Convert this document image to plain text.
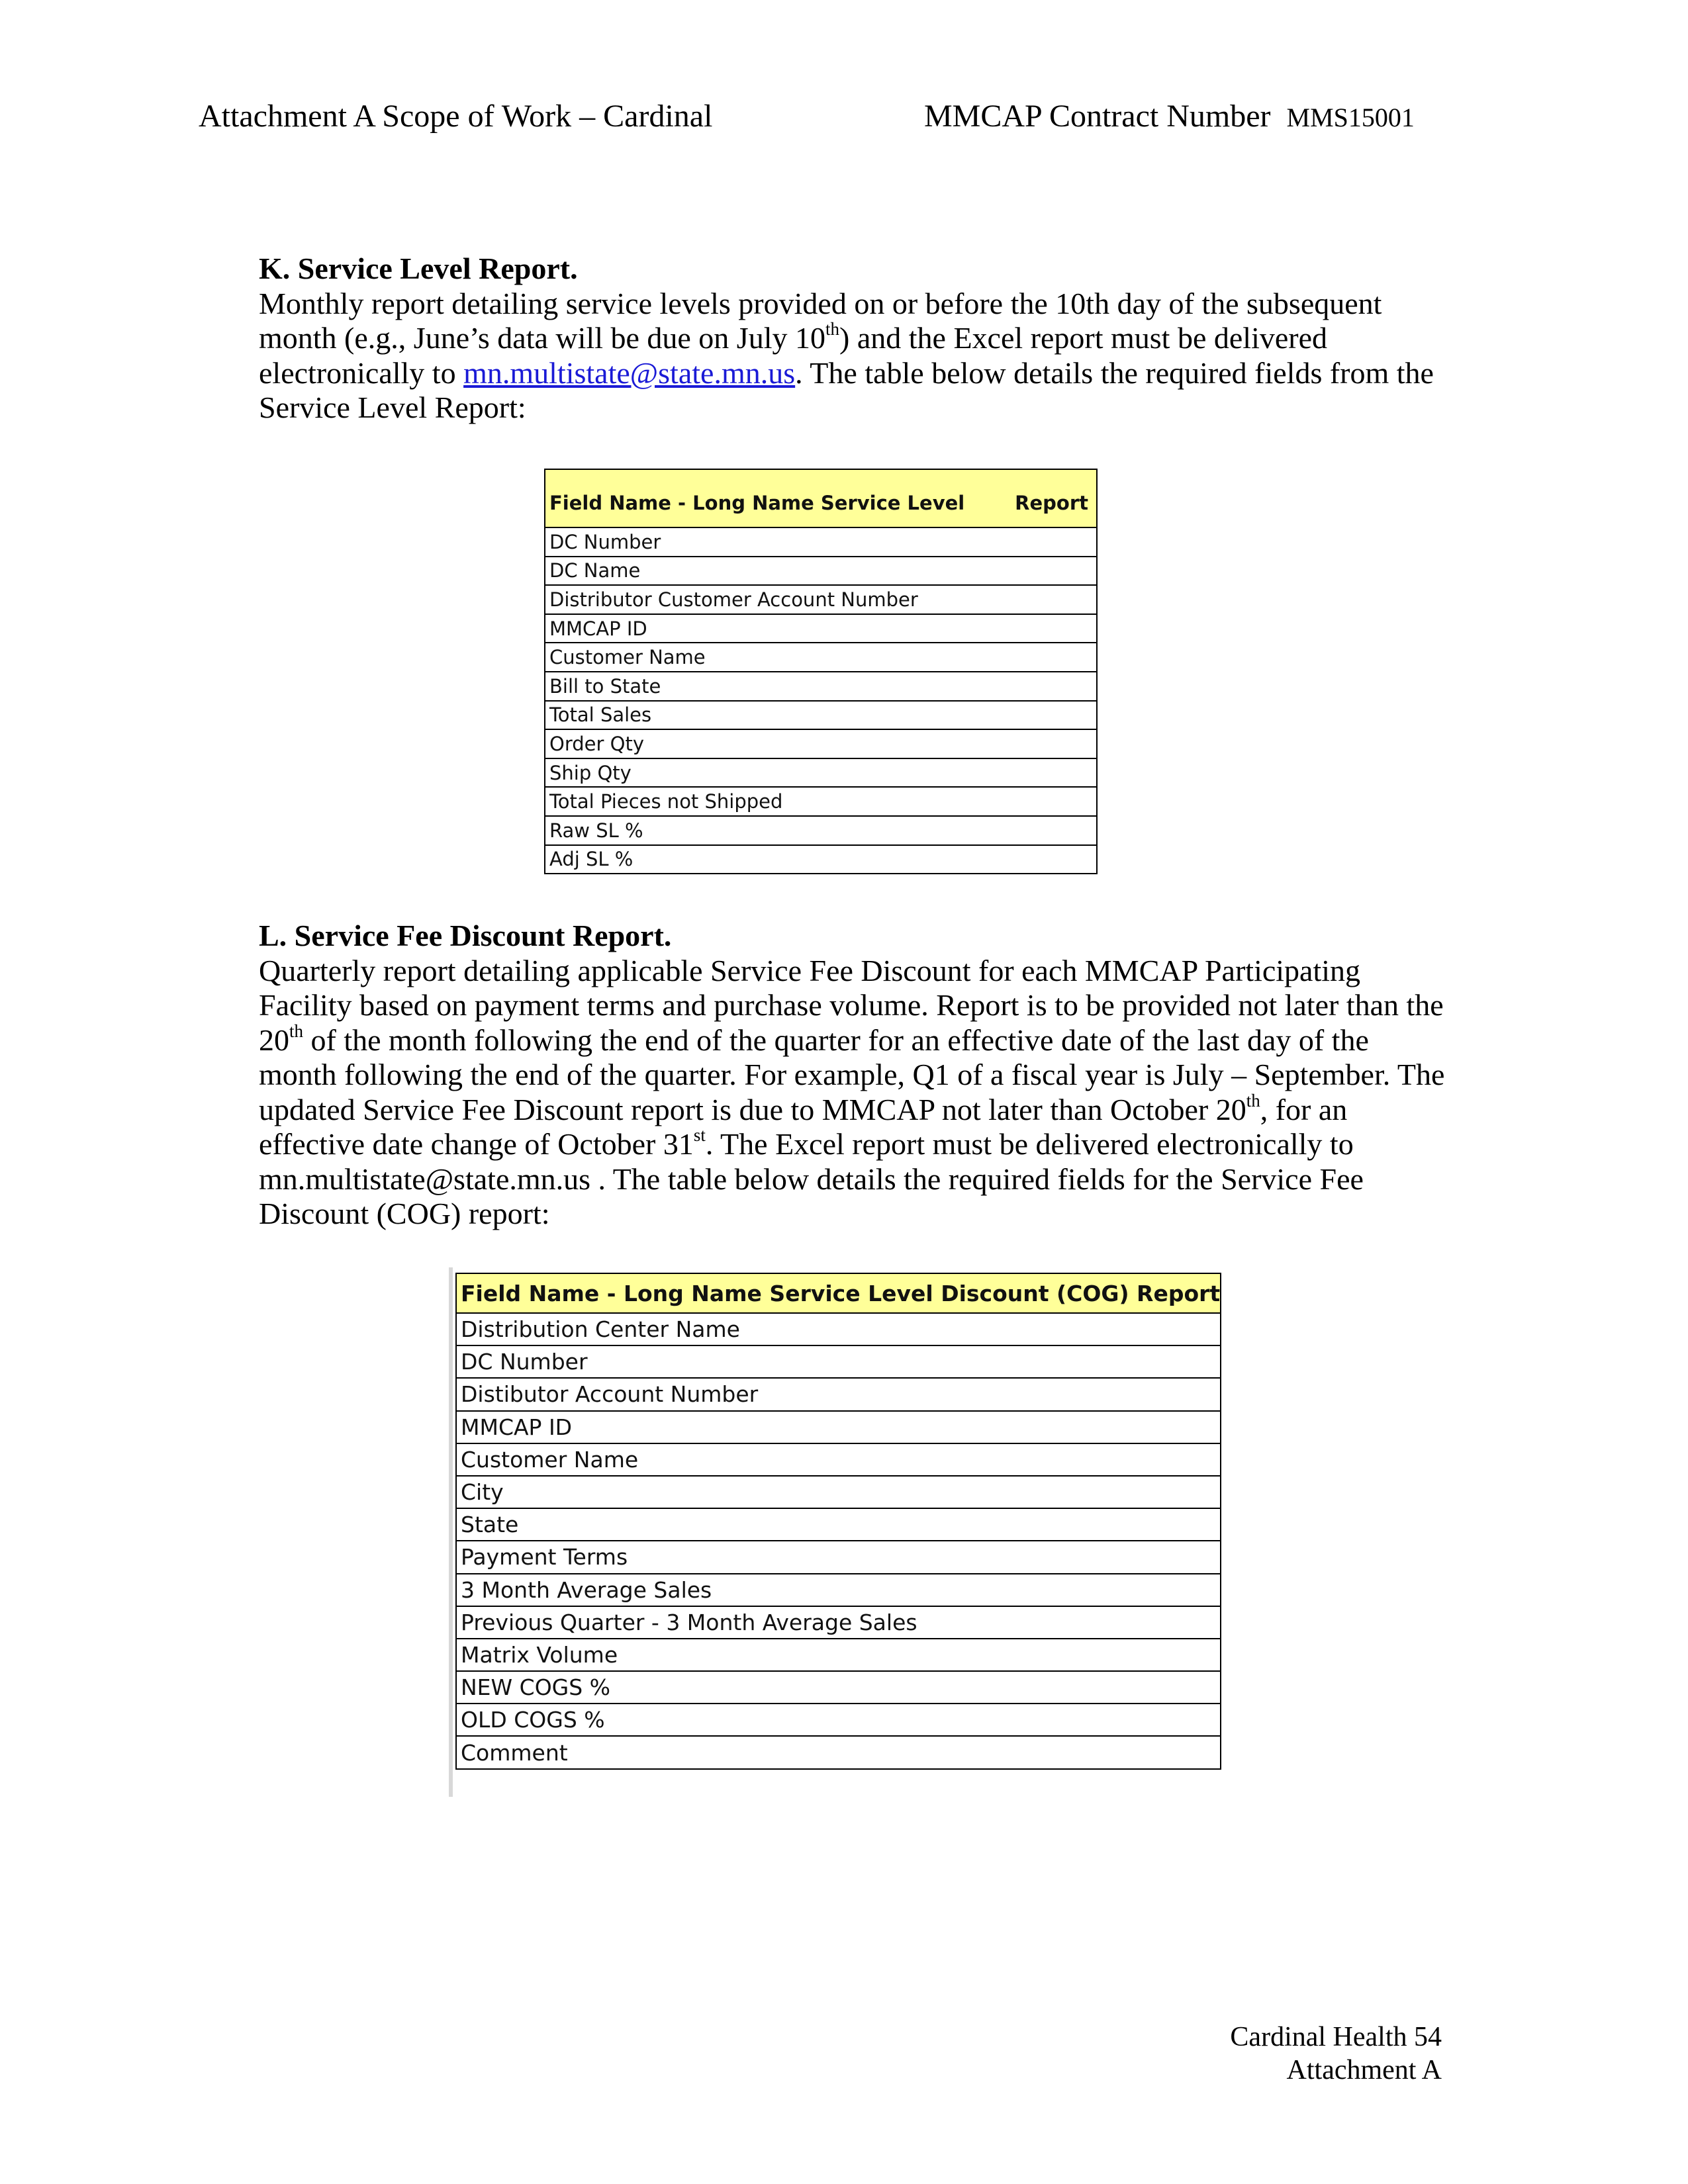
Attachment A Scope of Work – Cardinal	MMCAP Contract Number MMS15001
K. Service Level Report.
Monthly report detailing service levels provided on or before the 10th day of the subsequent month (e.g., June’s data will be due on July 10th) and the Excel report must be delivered electronically to mn.multistate@state.mn.us. The table below details the required fields from the Service Level Report:
Field Name - Long Name Service Level	Report

DC Number
DC Name
Distributor Customer Account Number
MMCAP ID
Customer Name
Bill to State
Total Sales
Order Qty
Ship Qty
Total Pieces not Shipped
Raw SL %
Adj SL %
L. Service Fee Discount Report.
Quarterly report detailing applicable Service Fee Discount for each MMCAP Participating Facility based on payment terms and purchase volume. Report is to be provided not later than the 20th of the month following the end of the quarter for an effective date of the last day of the month following the end of the quarter. For example, Q1 of a fiscal year is July – September. The updated Service Fee Discount report is due to MMCAP not later than October 20th, for an effective date change of October 31st. The Excel report must be delivered electronically to mn.multistate@state.mn.us . The table below details the required fields for the Service Fee Discount (COG) report:
Field Name - Long Name Service Level Discount (COG) Report
Distribution Center Name
DC Number
Distibutor Account Number
MMCAP ID
Customer Name
City
State
Payment Terms
3 Month Average Sales
Previous Quarter - 3 Month Average Sales
Matrix Volume
NEW COGS %
OLD COGS %
Comment
Cardinal Health 54
Attachment A
